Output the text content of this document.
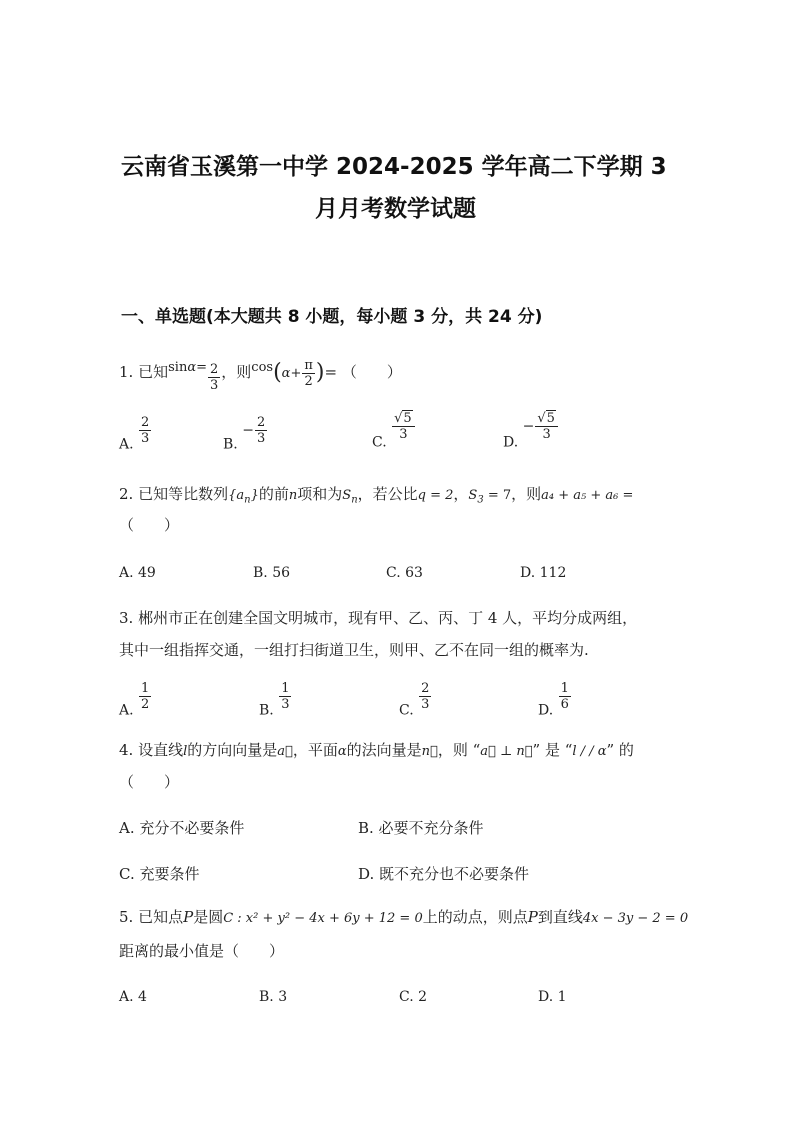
云南省玉溪第一中学 2024-2025 学年高二下学期 3
月月考数学试题
一、单选题(本大题共 8 小题，每小题 3 分，共 24 分)
1. 已知$\sin\alpha= \frac{2}{3}$ ，则$\cos(\alpha+ \frac{\pi}{2}$ )= （　　）
A. $\frac{2}{3}$	B. − $\frac{2}{3}$	C.
$\frac{√5}{3}$
D. − $\frac{√5}{3}$
2. 已知等比数列$\{a_n\}$的前n项和为$S_n$，若公比q = 2，$S_3 = 7$，则a₄ + a₅ + a₆ =
（　　）
A. 49	B. 56	C. 63	D. 112
3. 郴州市正在创建全国文明城市，现有甲、乙、丙、丁 4 人，平均分成两组，
其中一组指挥交通，一组打扫街道卫生，则甲、乙不在同一组的概率为.
A. $\frac{1}{2}$	B. $\frac{1}{3}$	C. $\frac{2}{3}$	D. $\frac{1}{6}$
4. 设直线l的方向向量是a⃗，平面α的法向量是n⃗，则 “a⃗ ⊥ n⃗” 是 “l / / α” 的
（　　）
A. 充分不必要条件	B. 必要不充分条件
C. 充要条件	D. 既不充分也不必要条件
5. 已知点P是圆C : x² + y² − 4x + 6y + 12 = 0上的动点，则点P到直线4x − 3y − 2 = 0
距离的最小值是（　　）
A. 4	B. 3	C. 2	D. 1
